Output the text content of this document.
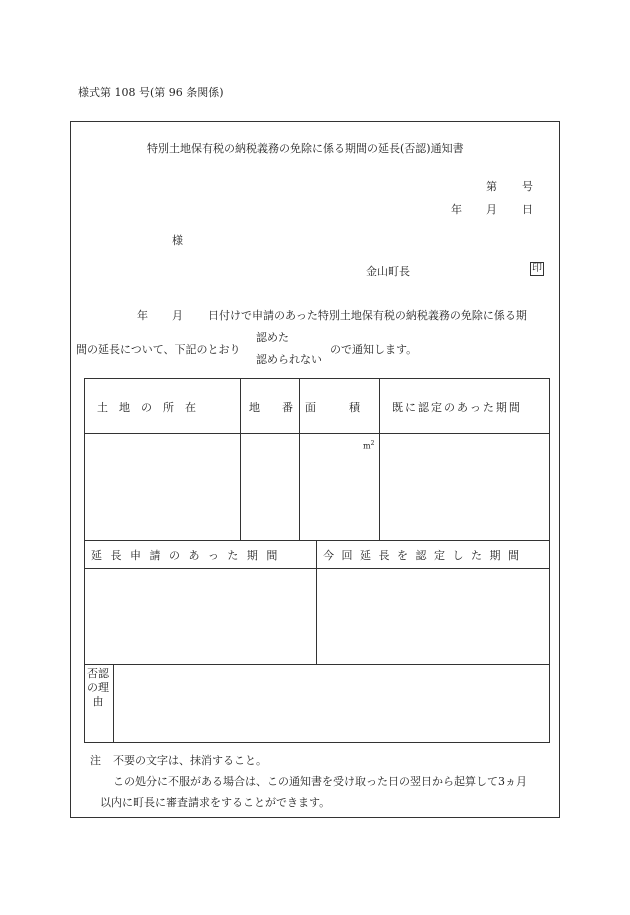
様式第 108 号(第 96 条関係)
特別土地保有税の納税義務の免除に係る期間の延長(否認)通知書
第 号
年 月 日
様
金山町長	印
年 月 日付けで申請のあった特別土地保有税の納税義務の免除に係る期
間の延長について、下記のとおり
認めた
認められない
ので通知します。
土　地　の　所　在	地　　番 面　　　積	既に認定のあった期間
$m^2$
延長申請のあった期間	今回延長を認定した期間
否認の理由
注 不要の文字は、抹消すること。
この処分に不服がある場合は、この通知書を受け取った日の翌日から起算して3ヵ月
以内に町長に審査請求をすることができます。
